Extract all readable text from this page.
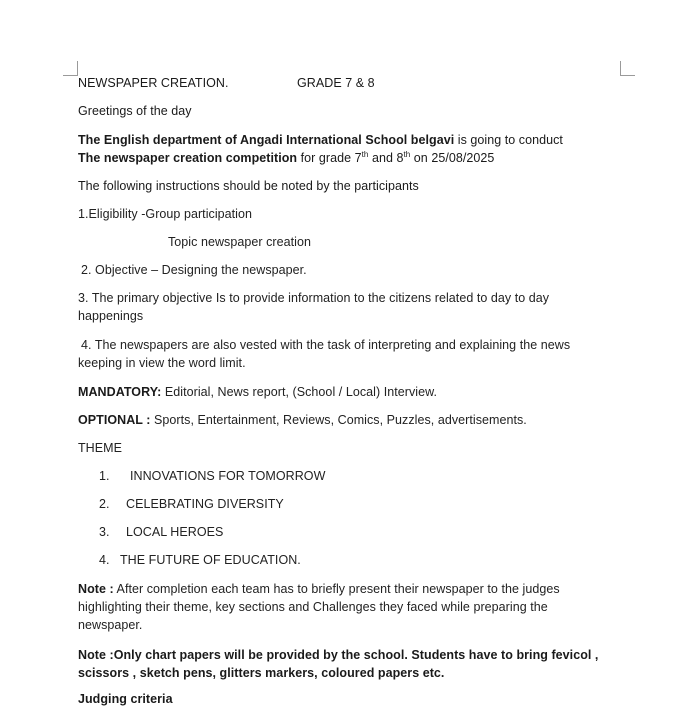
NEWSPAPER CREATION.	GRADE 7 & 8
Greetings of the day
The English department of Angadi International School belgavi is going to conduct
The newspaper creation competition for grade 7th and 8th on 25/08/2025
The following instructions should be noted by the participants
1.Eligibility -Group participation
Topic newspaper creation
2. Objective – Designing the newspaper.
3. The primary objective Is to provide information to the citizens related to day to day
happenings
4. The newspapers are also vested with the task of interpreting and explaining the news
keeping in view the word limit.
MANDATORY: Editorial, News report, (School / Local) Interview.
OPTIONAL : Sports, Entertainment, Reviews, Comics, Puzzles, advertisements.
THEME
1. INNOVATIONS FOR TOMORROW
2. CELEBRATING DIVERSITY
3. LOCAL HEROES
4. THE FUTURE OF EDUCATION.
Note : After completion each team has to briefly present their newspaper to the judges
highlighting their theme, key sections and Challenges they faced while preparing the
newspaper.
Note :Only chart papers will be provided by the school. Students have to bring fevicol ,
scissors , sketch pens, glitters markers, coloured papers etc.
Judging criteria
